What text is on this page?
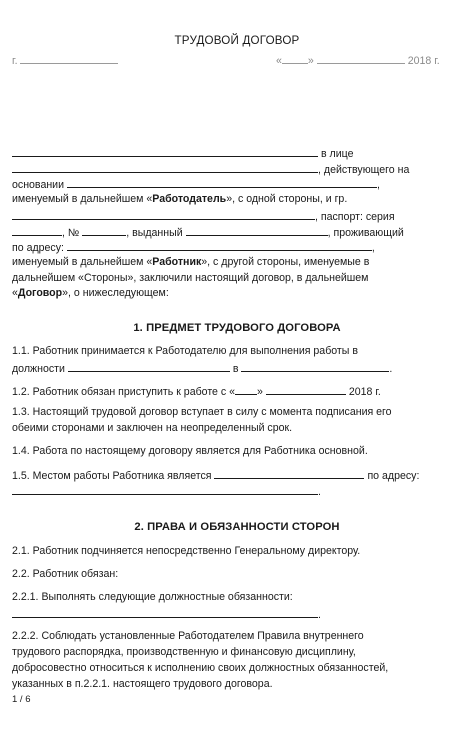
ТРУДОВОЙ ДОГОВОР
г.	« »	2018 г.
в лице
, действующего на
основании	,
именуемый в дальнейшем «Работодатель», с одной стороны, и гр.
, паспорт: серия
, №	, выданный	, проживающий
по адресу:	,
именуемый в дальнейшем «Работник», с другой стороны, именуемые в
дальнейшем «Стороны», заключили настоящий договор, в дальнейшем
«Договор», о нижеследующем:
1. ПРЕДМЕТ ТРУДОВОГО ДОГОВОРА
1.1. Работник принимается к Работодателю для выполнения работы в
должности	в	.
1.2. Работник обязан приступить к работе с « »	2018 г.
1.3. Настоящий трудовой договор вступает в силу с момента подписания его
обеими сторонами и заключен на неопределенный срок.
1.4. Работа по настоящему договору является для Работника основной.
1.5. Местом работы Работника является	по адресу:
.
2. ПРАВА И ОБЯЗАННОСТИ СТОРОН
2.1. Работник подчиняется непосредственно Генеральному директору.
2.2. Работник обязан:
2.2.1. Выполнять следующие должностные обязанности:
.
2.2.2. Соблюдать установленные Работодателем Правила внутреннего
трудового распорядка, производственную и финансовую дисциплину,
добросовестно относиться к исполнению своих должностных обязанностей,
указанных в п.2.2.1. настоящего трудового договора.
1 / 6
